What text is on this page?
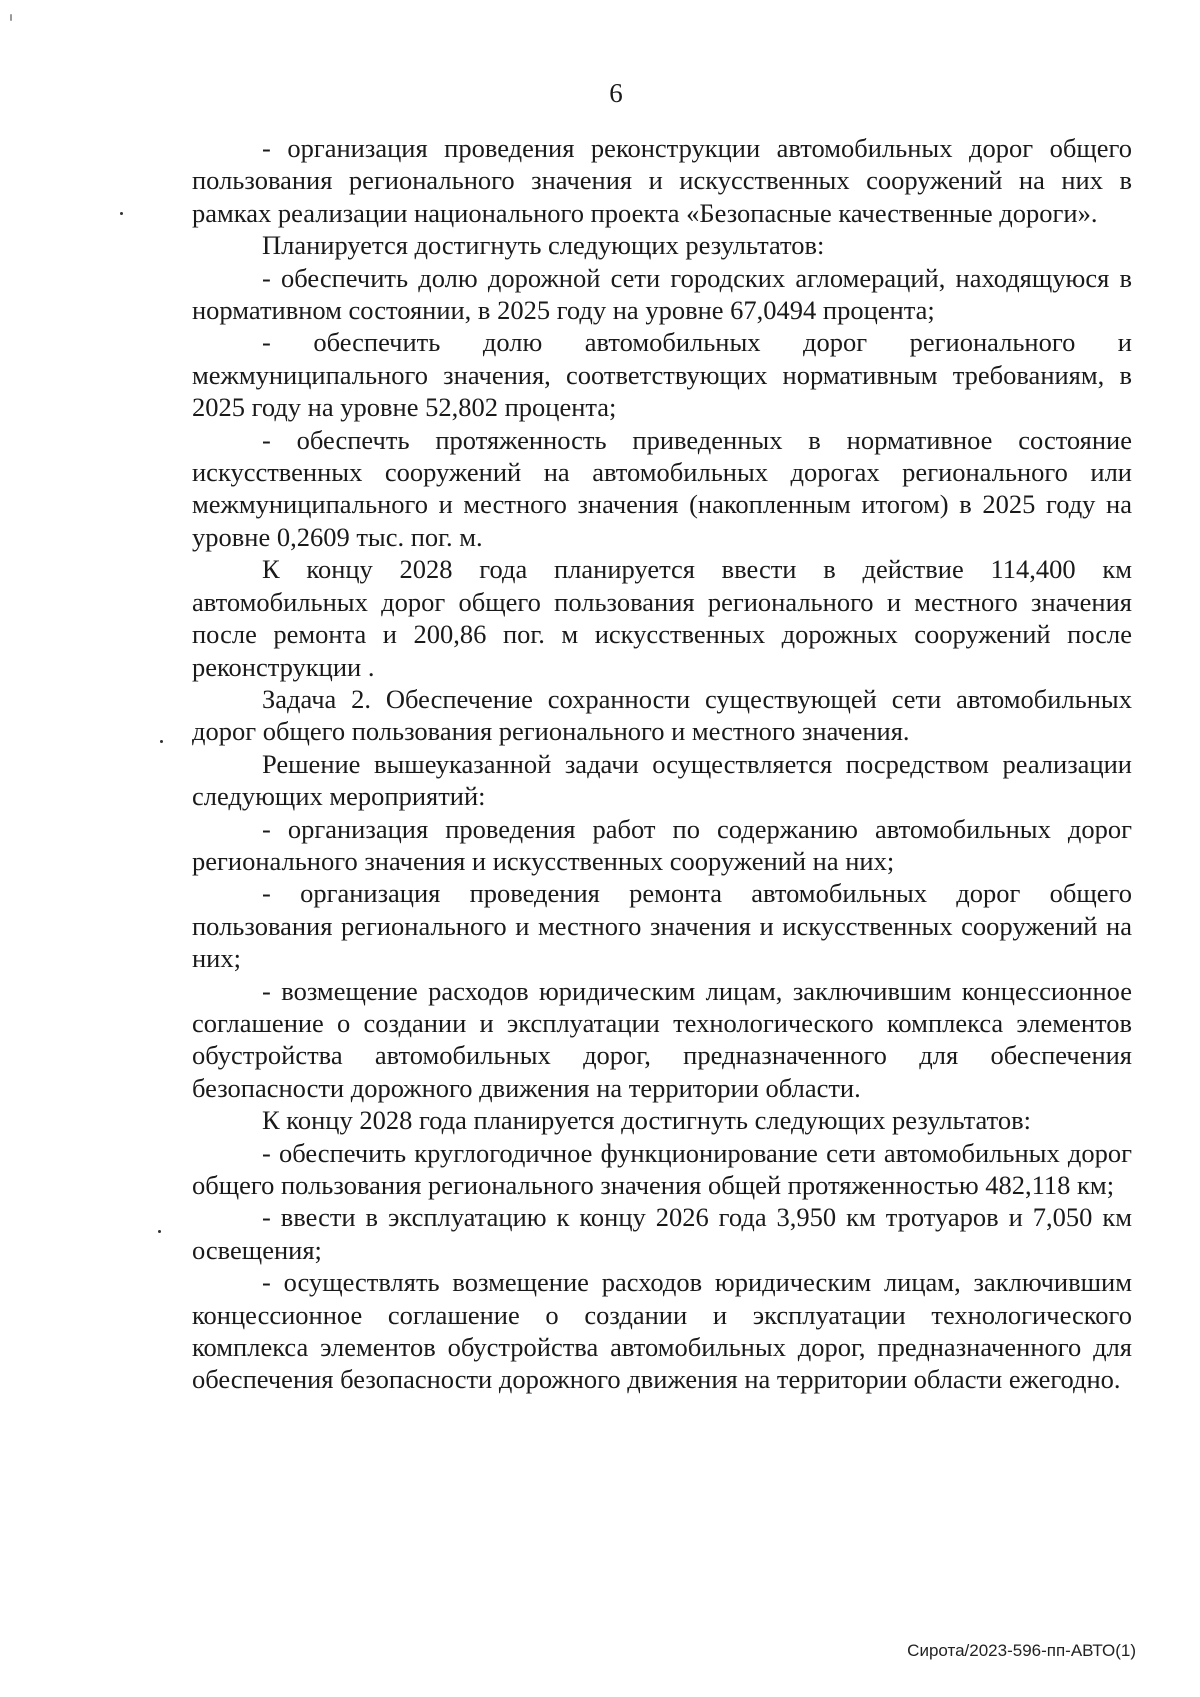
6

- организация проведения реконструкции автомобильных дорог общего пользования регионального значения и искусственных сооружений на них в рамках реализации национального проекта «Безопасные качественные дороги».

Планируется достигнуть следующих результатов:

- обеспечить долю дорожной сети городских агломераций, находящуюся в нормативном состоянии, в 2025 году на уровне 67,0494 процента;

- обеспечить долю автомобильных дорог регионального и межмуниципального значения, соответствующих нормативным требованиям, в 2025 году на уровне 52,802 процента;

- обеспечть протяженность приведенных в нормативное состояние искусственных сооружений на автомобильных дорогах регионального или межмуниципального и местного значения (накопленным итогом) в 2025 году на уровне 0,2609 тыс. пог. м.

К концу 2028 года планируется ввести в действие 114,400 км автомобильных дорог общего пользования регионального и местного значения после ремонта и 200,86 пог. м искусственных дорожных сооружений после реконструкции .

Задача 2. Обеспечение сохранности существующей сети автомобильных дорог общего пользования регионального и местного значения.

Решение вышеуказанной задачи осуществляется посредством реализации следующих мероприятий:

- организация проведения работ по содержанию автомобильных дорог регионального значения и искусственных сооружений на них;

- организация проведения ремонта автомобильных дорог общего пользования регионального и местного значения и искусственных сооружений на них;

- возмещение расходов юридическим лицам, заключившим концессионное соглашение о создании и эксплуатации технологического комплекса элементов обустройства автомобильных дорог, предназначенного для обеспечения безопасности дорожного движения на территории области.

К концу 2028 года планируется достигнуть следующих результатов:

- обеспечить круглогодичное функционирование сети автомобильных дорог общего пользования регионального значения общей протяженностью 482,118 км;

- ввести в эксплуатацию к концу 2026 года 3,950 км тротуаров и 7,050 км освещения;

- осуществлять возмещение расходов юридическим лицам, заключившим концессионное соглашение о создании и эксплуатации технологического комплекса элементов обустройства автомобильных дорог, предназначенного для обеспечения безопасности дорожного движения на территории области ежегодно.

Сирота/2023-596-пп-АВТО(1)
